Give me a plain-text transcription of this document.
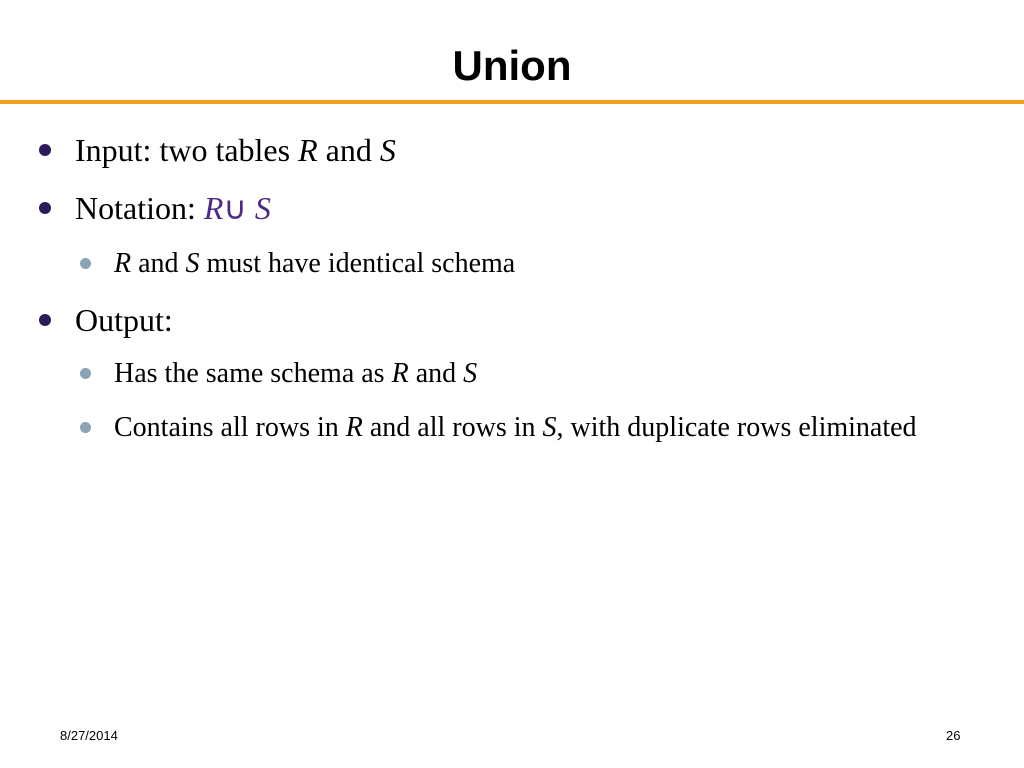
Union
Input: two tables R and S
Notation: R∪ S
R and S must have identical schema
Output:
Has the same schema as R and S
Contains all rows in R and all rows in S, with duplicate rows eliminated
8/27/2014	26
